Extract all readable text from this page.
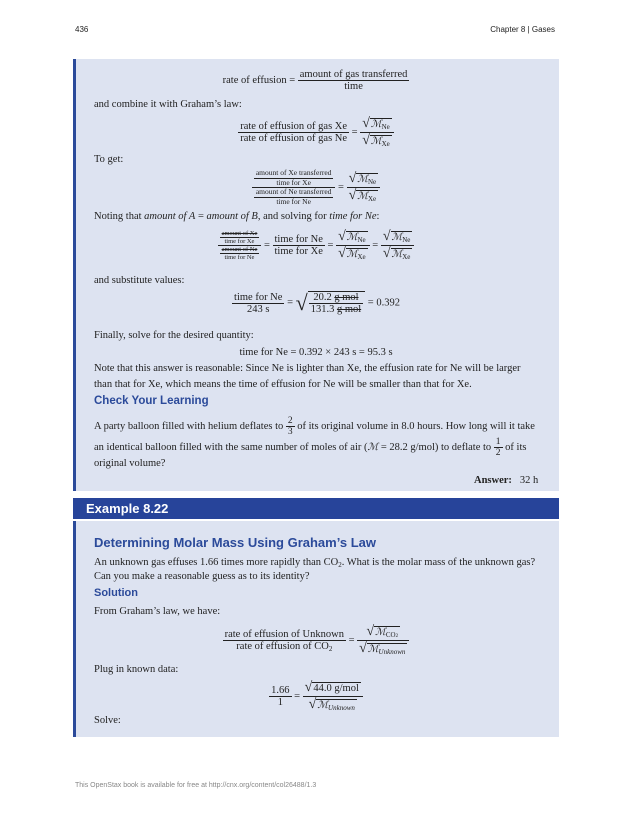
436	Chapter 8 | Gases
rate of effusion = $\frac{\text{amount of gas transferred}}{\text{time}}$
and combine it with Graham’s law:
$\frac{\text{rate of effusion of gas Xe}}{\text{rate of effusion of gas Ne}} = \frac{√ℳ_{Ne}}{√ℳ_{Xe}}$
To get:
$\frac{\frac{\text{amount of Xe transferred}}{\text{time for Xe}}}{\frac{\text{amount of Ne transferred}}{\text{time for Ne}}} = \frac{√ℳ_{Ne}}{√ℳ_{Xe}}$
Noting that amount of A = amount of B, and solving for time for Ne:
$\frac{\frac{\text{amount of Xe}}{\text{time for Xe}}}{\frac{\text{amount of Ne}}{\text{time for Ne}}} = \frac{\text{time for Ne}}{\text{time for Xe}} = \frac{√ℳ_{Ne}}{√ℳ_{Xe}} = \frac{√ℳ_{Ne}}{√ℳ_{Xe}}$
and substitute values:
$\frac{\text{time for Ne}}{243 s}$ = √ $\frac{\text{20.2 g mol}}{\text{131.3 g mol}} = 0.392$
Finally, solve for the desired quantity:
time for Ne = 0.392 × 243 s = 95.3 s
Note that this answer is reasonable: Since Ne is lighter than Xe, the effusion rate for Ne will be larger than that for Xe, which means the time of effusion for Ne will be smaller than that for Xe.
Check Your Learning
A party balloon filled with helium deflates to $\frac{2}{3}$ of its original volume in 8.0 hours. How long will it take
an identical balloon filled with the same number of moles of air (ℳ = 28.2 g/mol) to deflate to $\frac{1}{2}$ of its
original volume?
Answer: 32 h
Example 8.22
Determining Molar Mass Using Graham’s Law
An unknown gas effuses 1.66 times more rapidly than $CO_2$. What is the molar mass of the unknown gas?
Can you make a reasonable guess as to its identity?
Solution
From Graham’s law, we have:
$\frac{\text{rate of effusion of Unknown}}{rate of effusion of CO_2} = \frac{√ℳ_{CO2}}{√ℳ_{Unknown}}$
Plug in known data:
$\frac{1.66}{1} = \frac{\text{√44.0 g/mol}}{√ℳ_{Unknown}}$
Solve:
This OpenStax book is available for free at http://cnx.org/content/col26488/1.3
